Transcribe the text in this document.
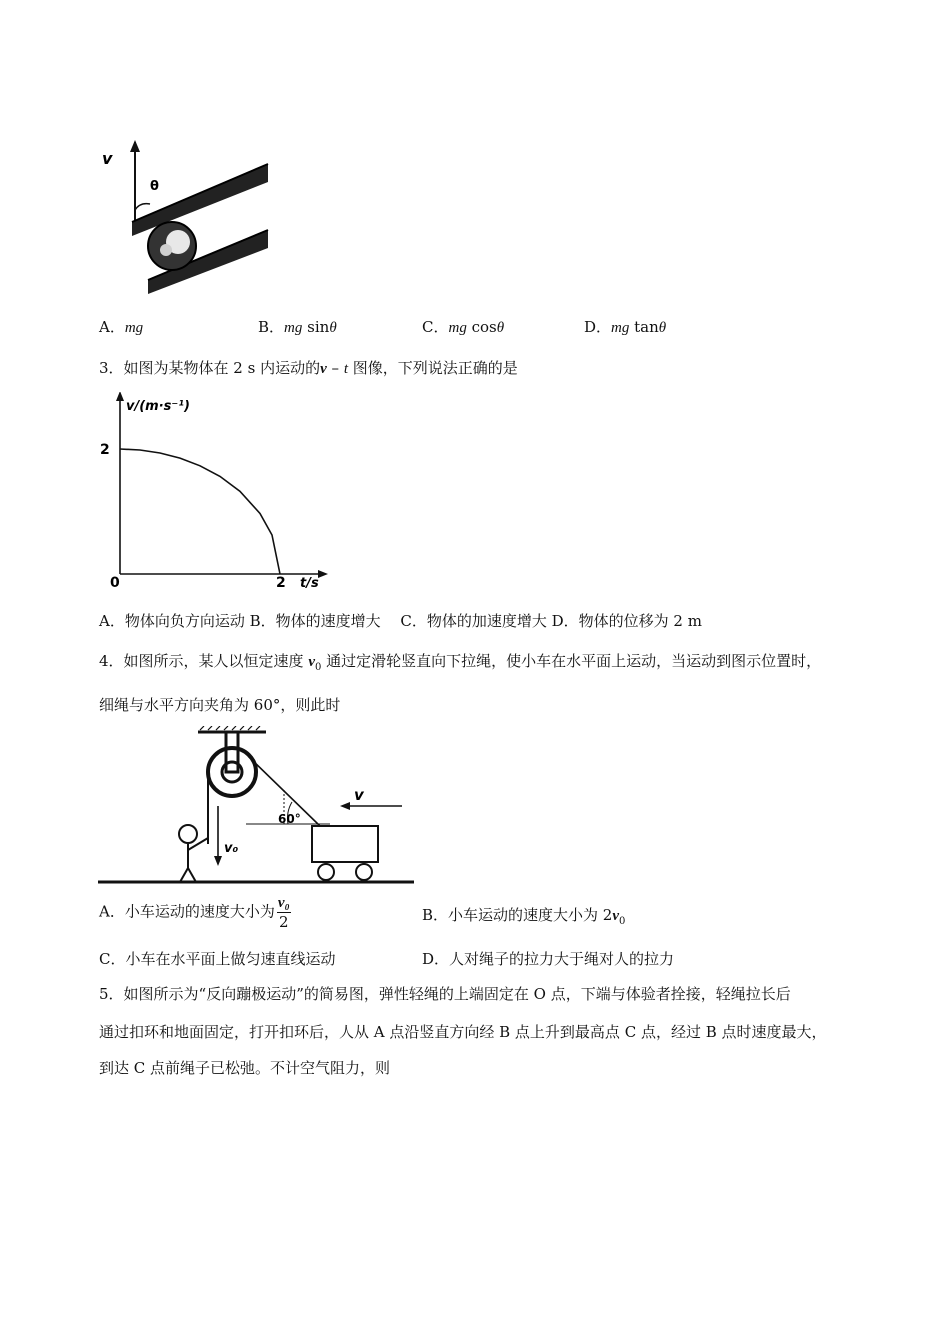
v
θ
A．mg	B．mg sinθ	C．mg cosθ	D．mg tanθ
3．如图为某物体在 2 s 内运动的v – t 图像，下列说法正确的是
v/(m·s⁻¹)
t/s
0
2
2
A．物体向负方向运动 B．物体的速度增大　 C．物体的加速度增大 D．物体的位移为 2 m
4．如图所示，某人以恒定速度 $v_0$ 通过定滑轮竖直向下拉绳，使小车在水平面上运动，当运动到图示位置时，
细绳与水平方向夹角为 60°，则此时
60°
v
v₀
A．小车运动的速度大小为 $\frac{\text{v₀}}{2}$	B．小车运动的速度大小为 $2v_0$
C．小车在水平面上做匀速直线运动	D．人对绳子的拉力大于绳对人的拉力
5．如图所示为“反向蹦极运动”的简易图，弹性轻绳的上端固定在 O 点，下端与体验者拴接，轻绳拉长后
通过扣环和地面固定，打开扣环后，人从 A 点沿竖直方向经 B 点上升到最高点 C 点，经过 B 点时速度最大，
到达 C 点前绳子已松弛。不计空气阻力，则
